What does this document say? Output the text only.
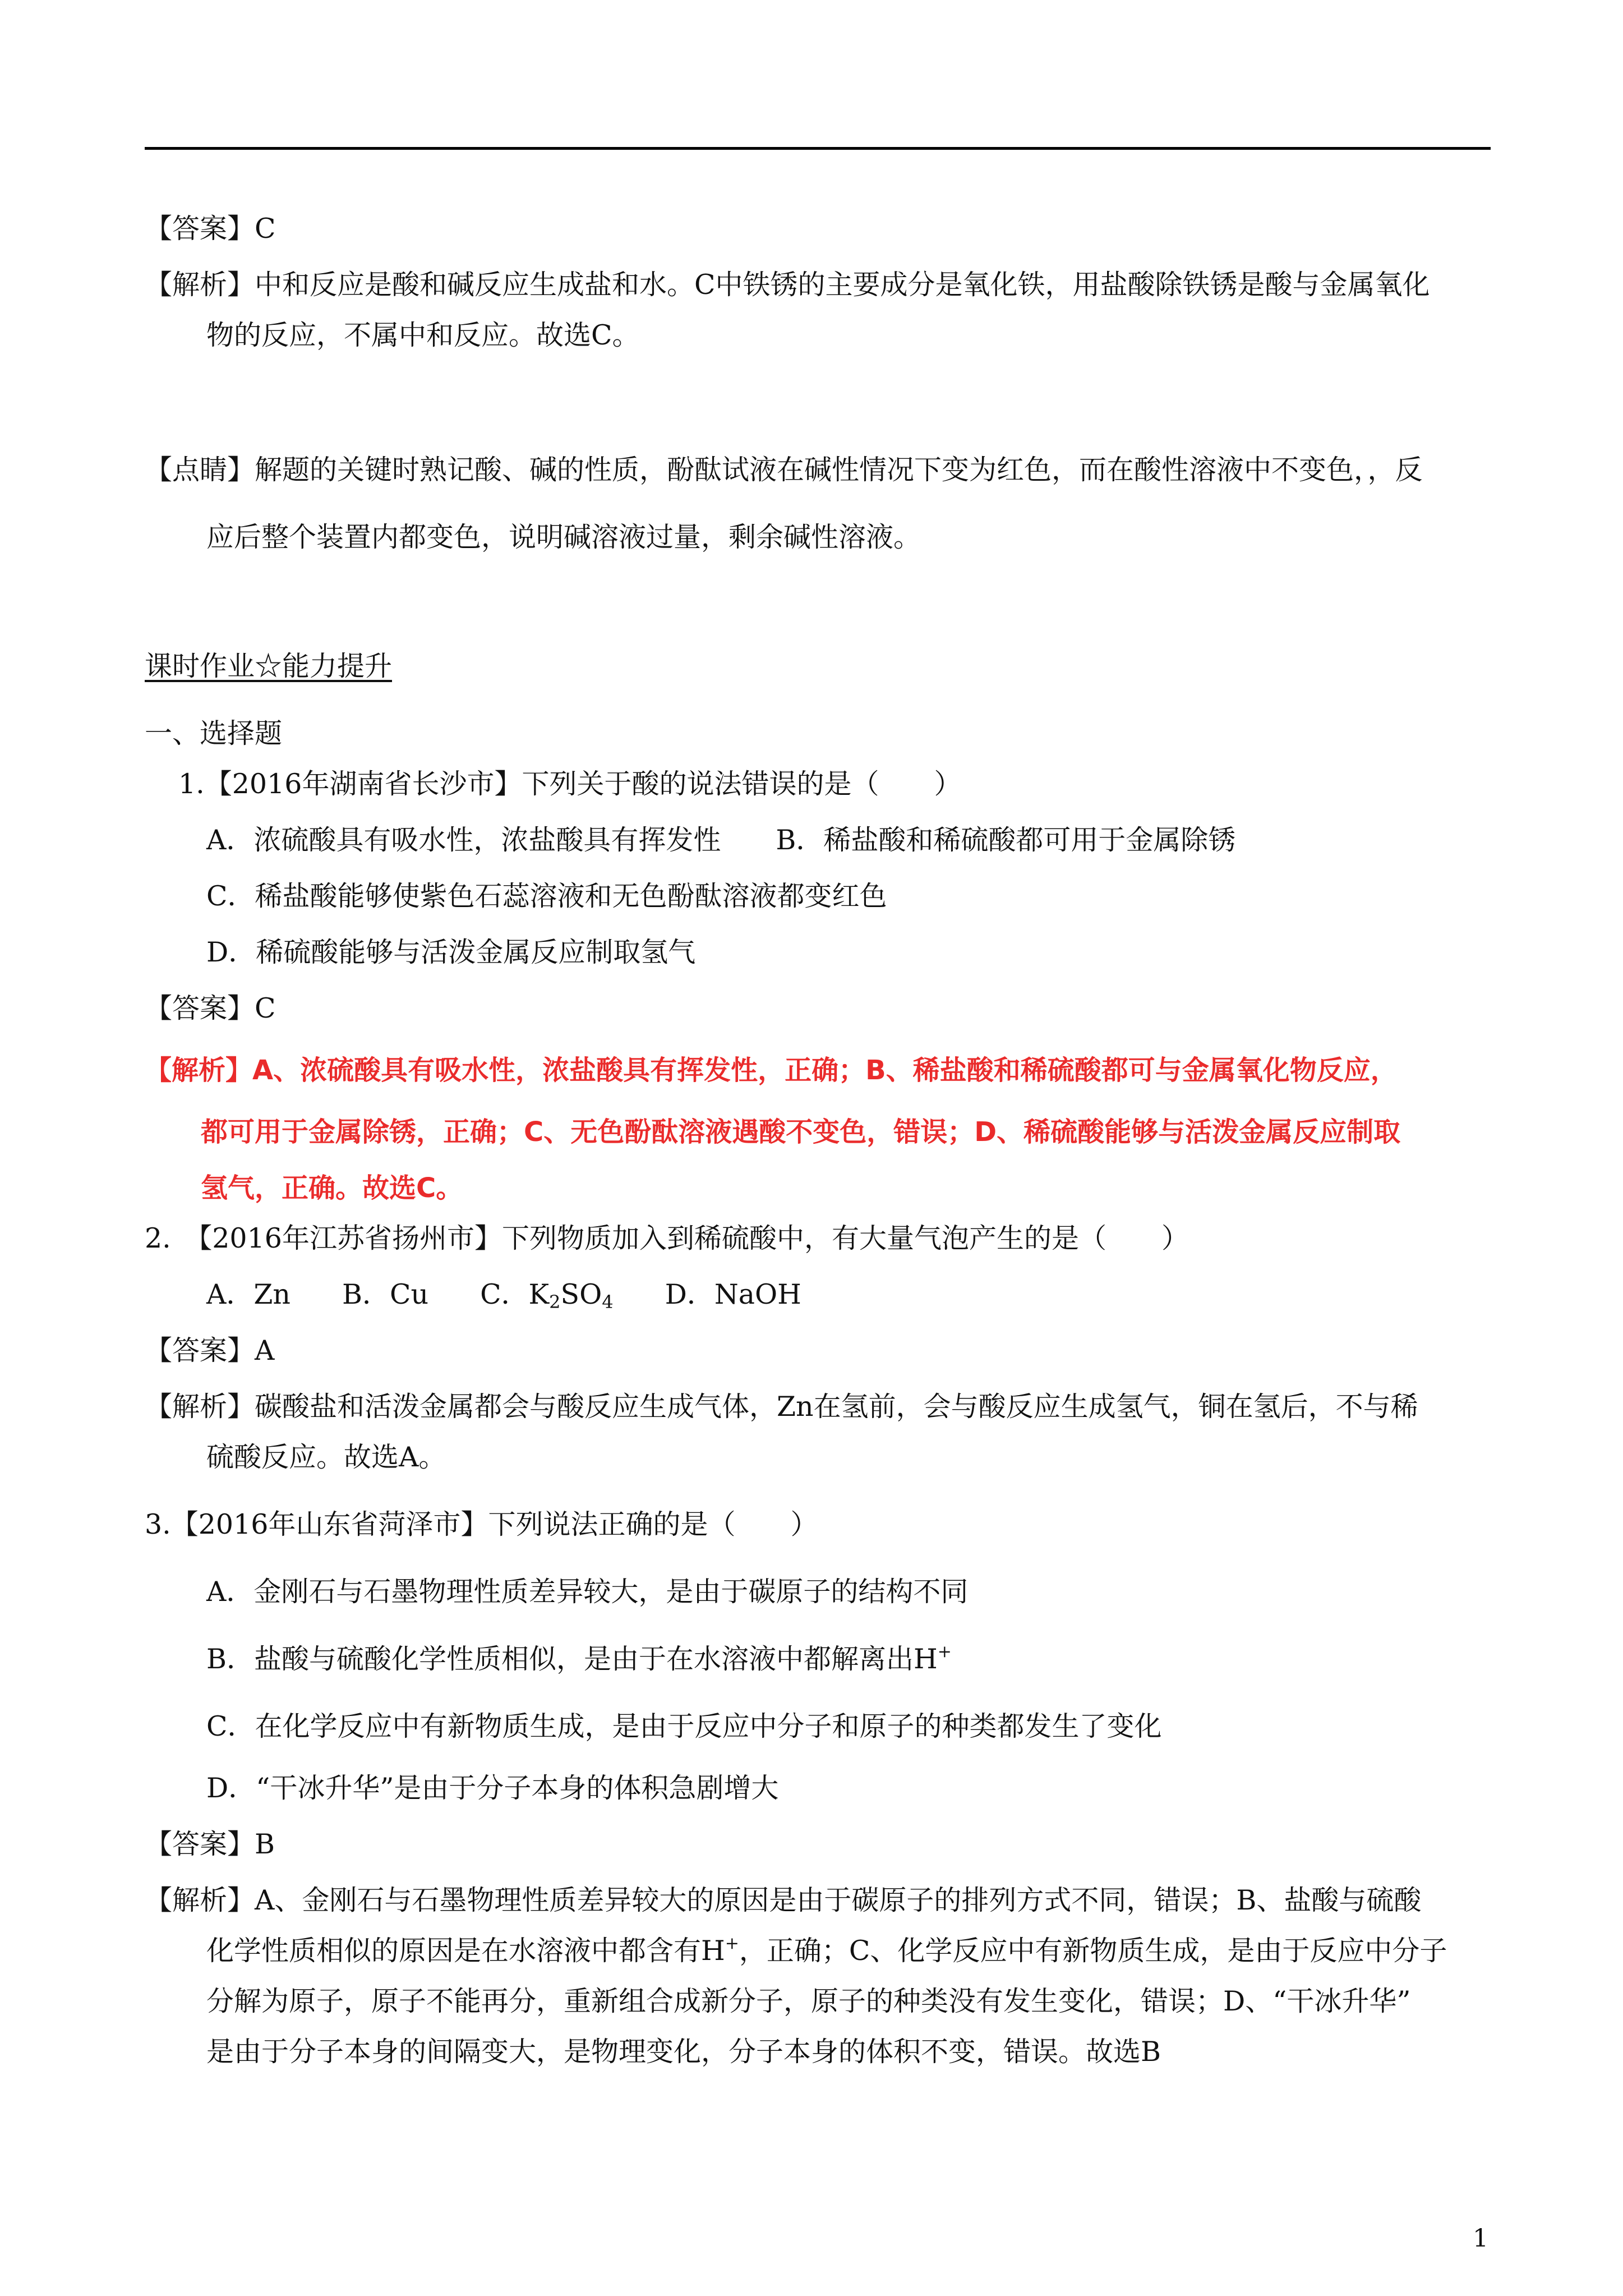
【答案】C
【解析】中和反应是酸和碱反应生成盐和水。C中铁锈的主要成分是氧化铁，用盐酸除铁锈是酸与金属氧化
物的反应，不属中和反应。故选C。
【点睛】解题的关键时熟记酸、碱的性质，酚酞试液在碱性情况下变为红色，而在酸性溶液中不变色，，反
应后整个装置内都变色，说明碱溶液过量，剩余碱性溶液。
课时作业☆能力提升
一、选择题
1.【2016年湖南省长沙市】下列关于酸的说法错误的是（　　）
A．浓硫酸具有吸水性，浓盐酸具有挥发性　　B．稀盐酸和稀硫酸都可用于金属除锈
C．稀盐酸能够使紫色石蕊溶液和无色酚酞溶液都变红色
D．稀硫酸能够与活泼金属反应制取氢气
【答案】C
【解析】A、浓硫酸具有吸水性，浓盐酸具有挥发性，正确；B、稀盐酸和稀硫酸都可与金属氧化物反应，
都可用于金属除锈，正确；C、无色酚酞溶液遇酸不变色，错误；D、稀硫酸能够与活泼金属反应制取
氢气，正确。故选C。
2.　【2016年江苏省扬州市】下列物质加入到稀硫酸中，有大量气泡产生的是（　　）
A．Zn B．Cu C．$K_2SO_4$ D．NaOH
【答案】A
【解析】碳酸盐和活泼金属都会与酸反应生成气体，Zn在氢前，会与酸反应生成氢气，铜在氢后，不与稀
硫酸反应。故选A。
3.【2016年山东省菏泽市】下列说法正确的是（　　）
A．金刚石与石墨物理性质差异较大，是由于碳原子的结构不同
B．盐酸与硫酸化学性质相似，是由于在水溶液中都解离出H+
C．在化学反应中有新物质生成，是由于反应中分子和原子的种类都发生了变化
D．“干冰升华”是由于分子本身的体积急剧增大
【答案】B
【解析】A、金刚石与石墨物理性质差异较大的原因是由于碳原子的排列方式不同，错误；B、盐酸与硫酸
化学性质相似的原因是在水溶液中都含有H+，正确；C、化学反应中有新物质生成，是由于反应中分子
分解为原子，原子不能再分，重新组合成新分子，原子的种类没有发生变化，错误；D、“干冰升华”
是由于分子本身的间隔变大，是物理变化，分子本身的体积不变，错误。故选B
1
